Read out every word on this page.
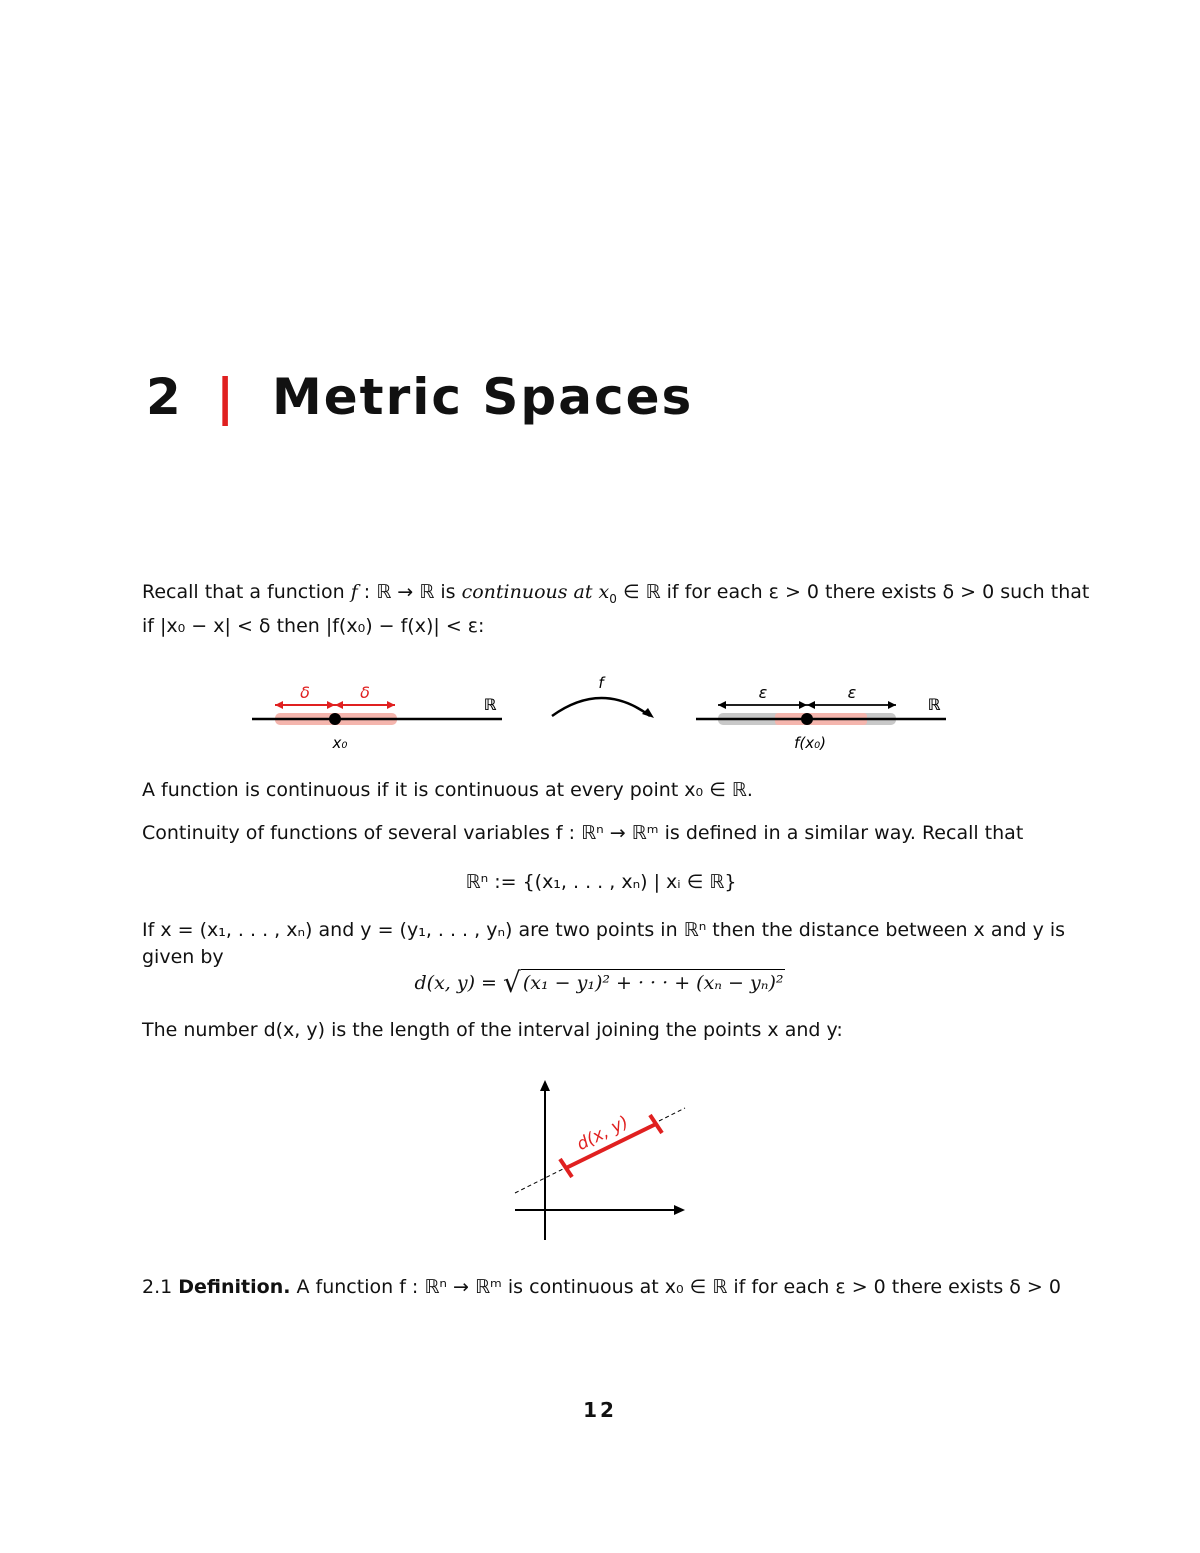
2 | Metric Spaces
Recall that a function f : ℝ → ℝ is continuous at $x_0$ ∈ ℝ if for each ε > 0 there exists δ > 0 such that
if |x₀ − x| < δ then |f(x₀) − f(x)| < ε:
δ	δ
ℝ
x₀
f	ε	ε
ℝ
f(x₀)
A function is continuous if it is continuous at every point x₀ ∈ ℝ.
Continuity of functions of several variables f : ℝⁿ → ℝᵐ is defined in a similar way. Recall that
ℝⁿ := {(x₁, . . . , xₙ) | xᵢ ∈ ℝ}
If x = (x₁, . . . , xₙ) and y = (y₁, . . . , yₙ) are two points in ℝⁿ then the distance between x and y is
given by
d(x, y) = √ (x₁ − y₁)² + · · · + (xₙ − yₙ)²
The number d(x, y) is the length of the interval joining the points x and y:
d(x, y)
2.1 Definition. A function f : ℝⁿ → ℝᵐ is continuous at x₀ ∈ ℝ if for each ε > 0 there exists δ > 0
12
